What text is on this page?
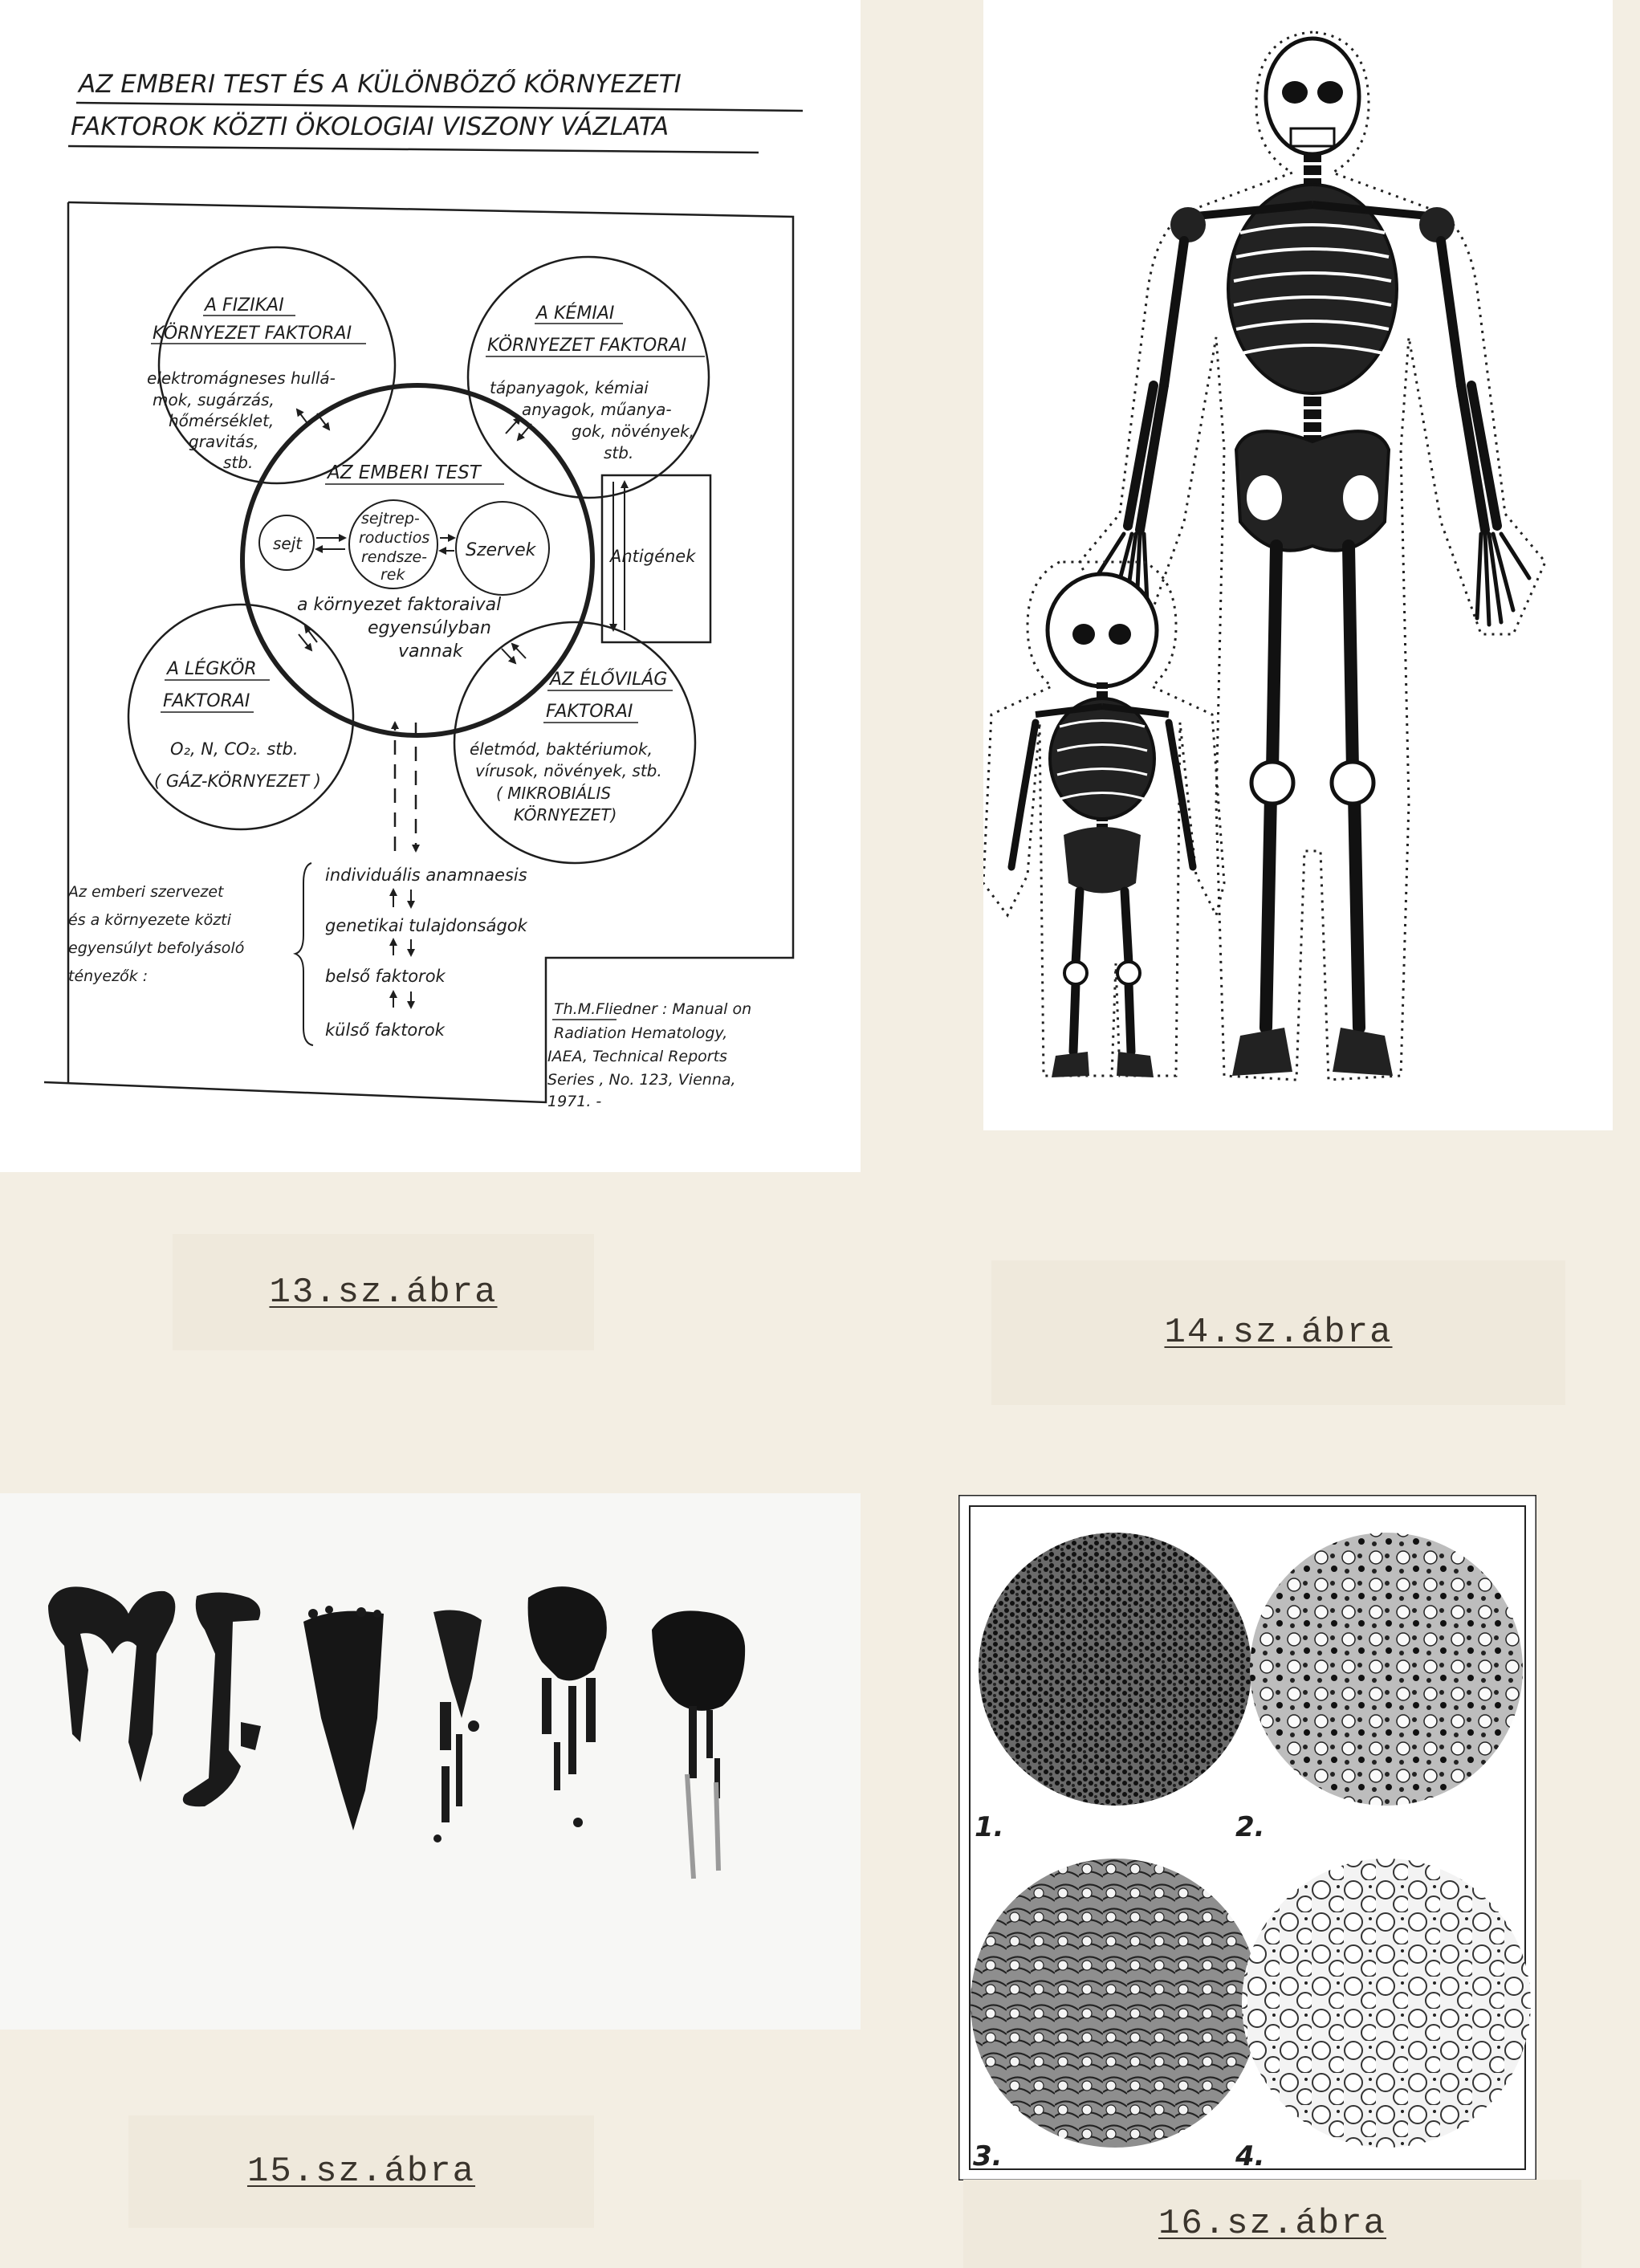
AZ EMBERI TEST ÉS A KÜLÖNBÖZŐ KÖRNYEZETI
FAKTOROK KÖZTI ÖKOLOGIAI VISZONY VÁZLATA
A FIZIKAI
KÖRNYEZET FAKTORAI
elektromágneses hullá-
mok, sugárzás,
hőmérséklet,
gravitás,
stb.
A KÉMIAI
KÖRNYEZET FAKTORAI
tápanyagok, kémiai
anyagok, műanya-
gok, növények,
stb.
AZ EMBERI TEST
sejt
sejtrep-
roductios
rendsze-
rek
Szervek
a környezet faktoraival
egyensúlyban
vannak
Antigének
A LÉGKÖR
FAKTORAI
O₂, N, CO₂. stb.
( GÁZ-KÖRNYEZET )
AZ ÉLŐVILÁG
FAKTORAI
életmód, baktériumok,
vírusok, növények, stb.
( MIKROBIÁLIS
KÖRNYEZET)
Az emberi szervezet
és a környezete közti
egyensúlyt befolyásoló
tényezők :
individuális anamnaesis
genetikai tulajdonságok
belső faktorok
külső faktorok
Th.M.Fliedner : Manual on
Radiation Hematology,
IAEA, Technical Reports
Series , No. 123, Vienna,
1971. -
13.sz.ábra
14.sz.ábra
1.	2.
3.	4.
15.sz.ábra
16.sz.ábra
